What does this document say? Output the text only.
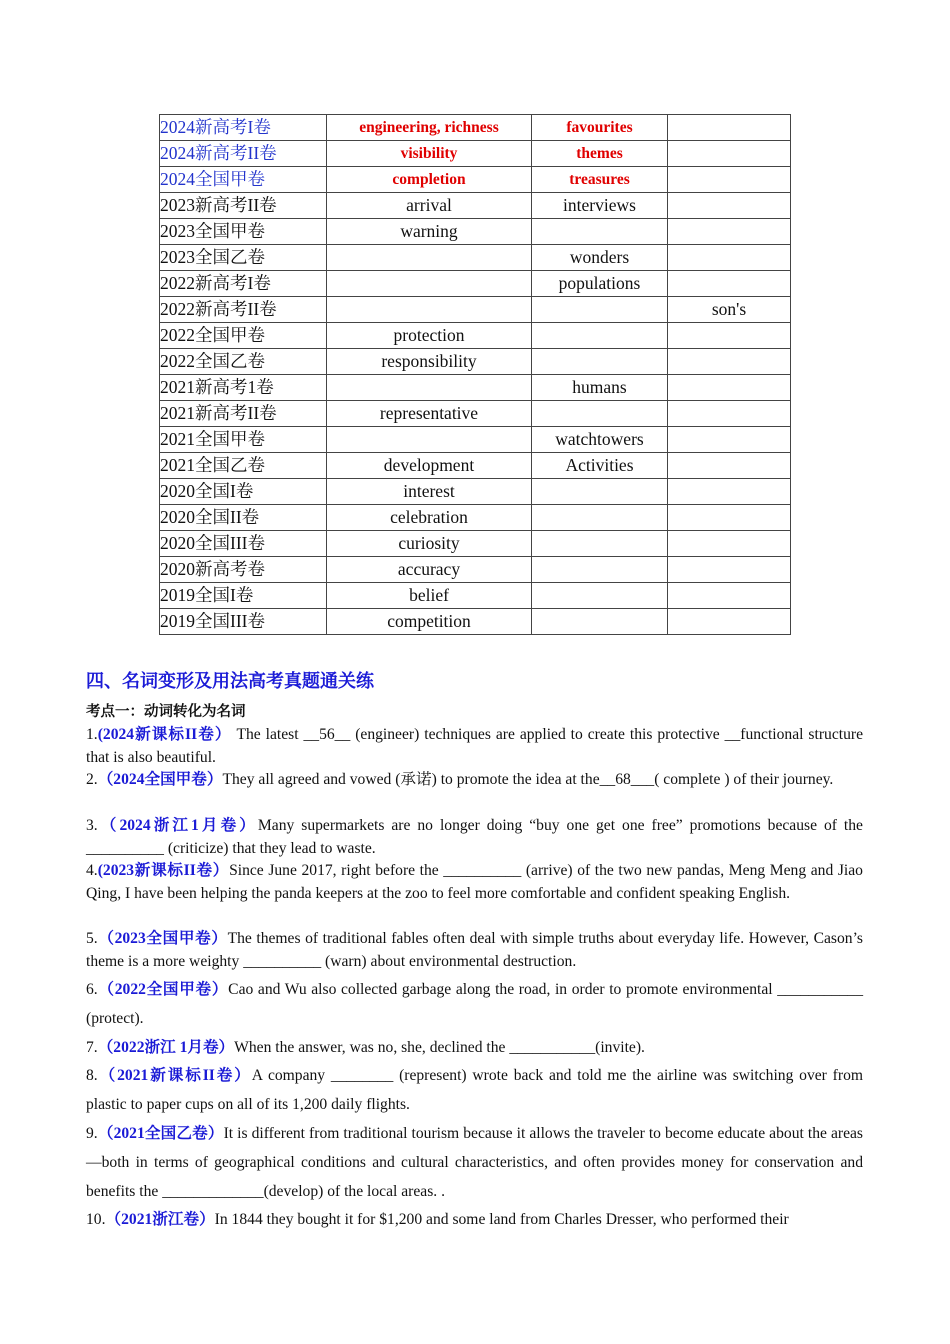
2024新高考I卷	engineering, richness	favourites	
2024新高考II卷	visibility	themes	
2024全国甲卷	completion	treasures	
2023新高考II卷	arrival	interviews	
2023全国甲卷	warning		
2023全国乙卷		wonders	
2022新高考I卷		populations	
2022新高考II卷			son's
2022全国甲卷	protection		
2022全国乙卷	responsibility		
2021新高考1卷		humans	
2021新高考II卷	representative		
2021全国甲卷		watchtowers	
2021全国乙卷	development	Activities	
2020全国I卷	interest		
2020全国II卷	celebration		
2020全国III卷	curiosity		
2020新高考卷	accuracy		
2019全国I卷	belief		
2019全国III卷	competition		
四、名词变形及用法高考真题通关练
考点一：动词转化为名词
1.(2024新课标II卷） The latest __56__ (engineer) techniques are applied to create this protective __functional structure that is also beautiful.
2.（2024全国甲卷）They all agreed and vowed (承诺) to promote the idea at the__68___( complete ) of their journey.
3.（2024浙江1月卷）Many supermarkets are no longer doing “buy one get one free” promotions because of the __________ (criticize) that they lead to waste.
4.(2023新课标II卷）Since June 2017, right before the __________ (arrive) of the two new pandas, Meng Meng and Jiao Qing, I have been helping the panda keepers at the zoo to feel more comfortable and confident speaking English.
5.（2023全国甲卷）The themes of traditional fables often deal with simple truths about everyday life. However, Cason’s theme is a more weighty __________ (warn) about environmental destruction.
6.（2022全国甲卷）Cao and Wu also collected garbage along the road, in order to promote environmental ___________ (protect).
7.（2022浙江 1月卷）When the answer, was no, she, declined the ___________(invite).
8.（2021新课标II卷）A company ________ (represent) wrote back and told me the airline was switching over from plastic to paper cups on all of its 1,200 daily flights.
9.（2021全国乙卷）It is different from traditional tourism because it allows the traveler to become educate about the areas—both in terms of geographical conditions and cultural characteristics, and often provides money for conservation and benefits the _____________(develop) of the local areas. .
10.（2021浙江卷）In 1844 they bought it for $1,200 and some land from Charles Dresser, who performed their
